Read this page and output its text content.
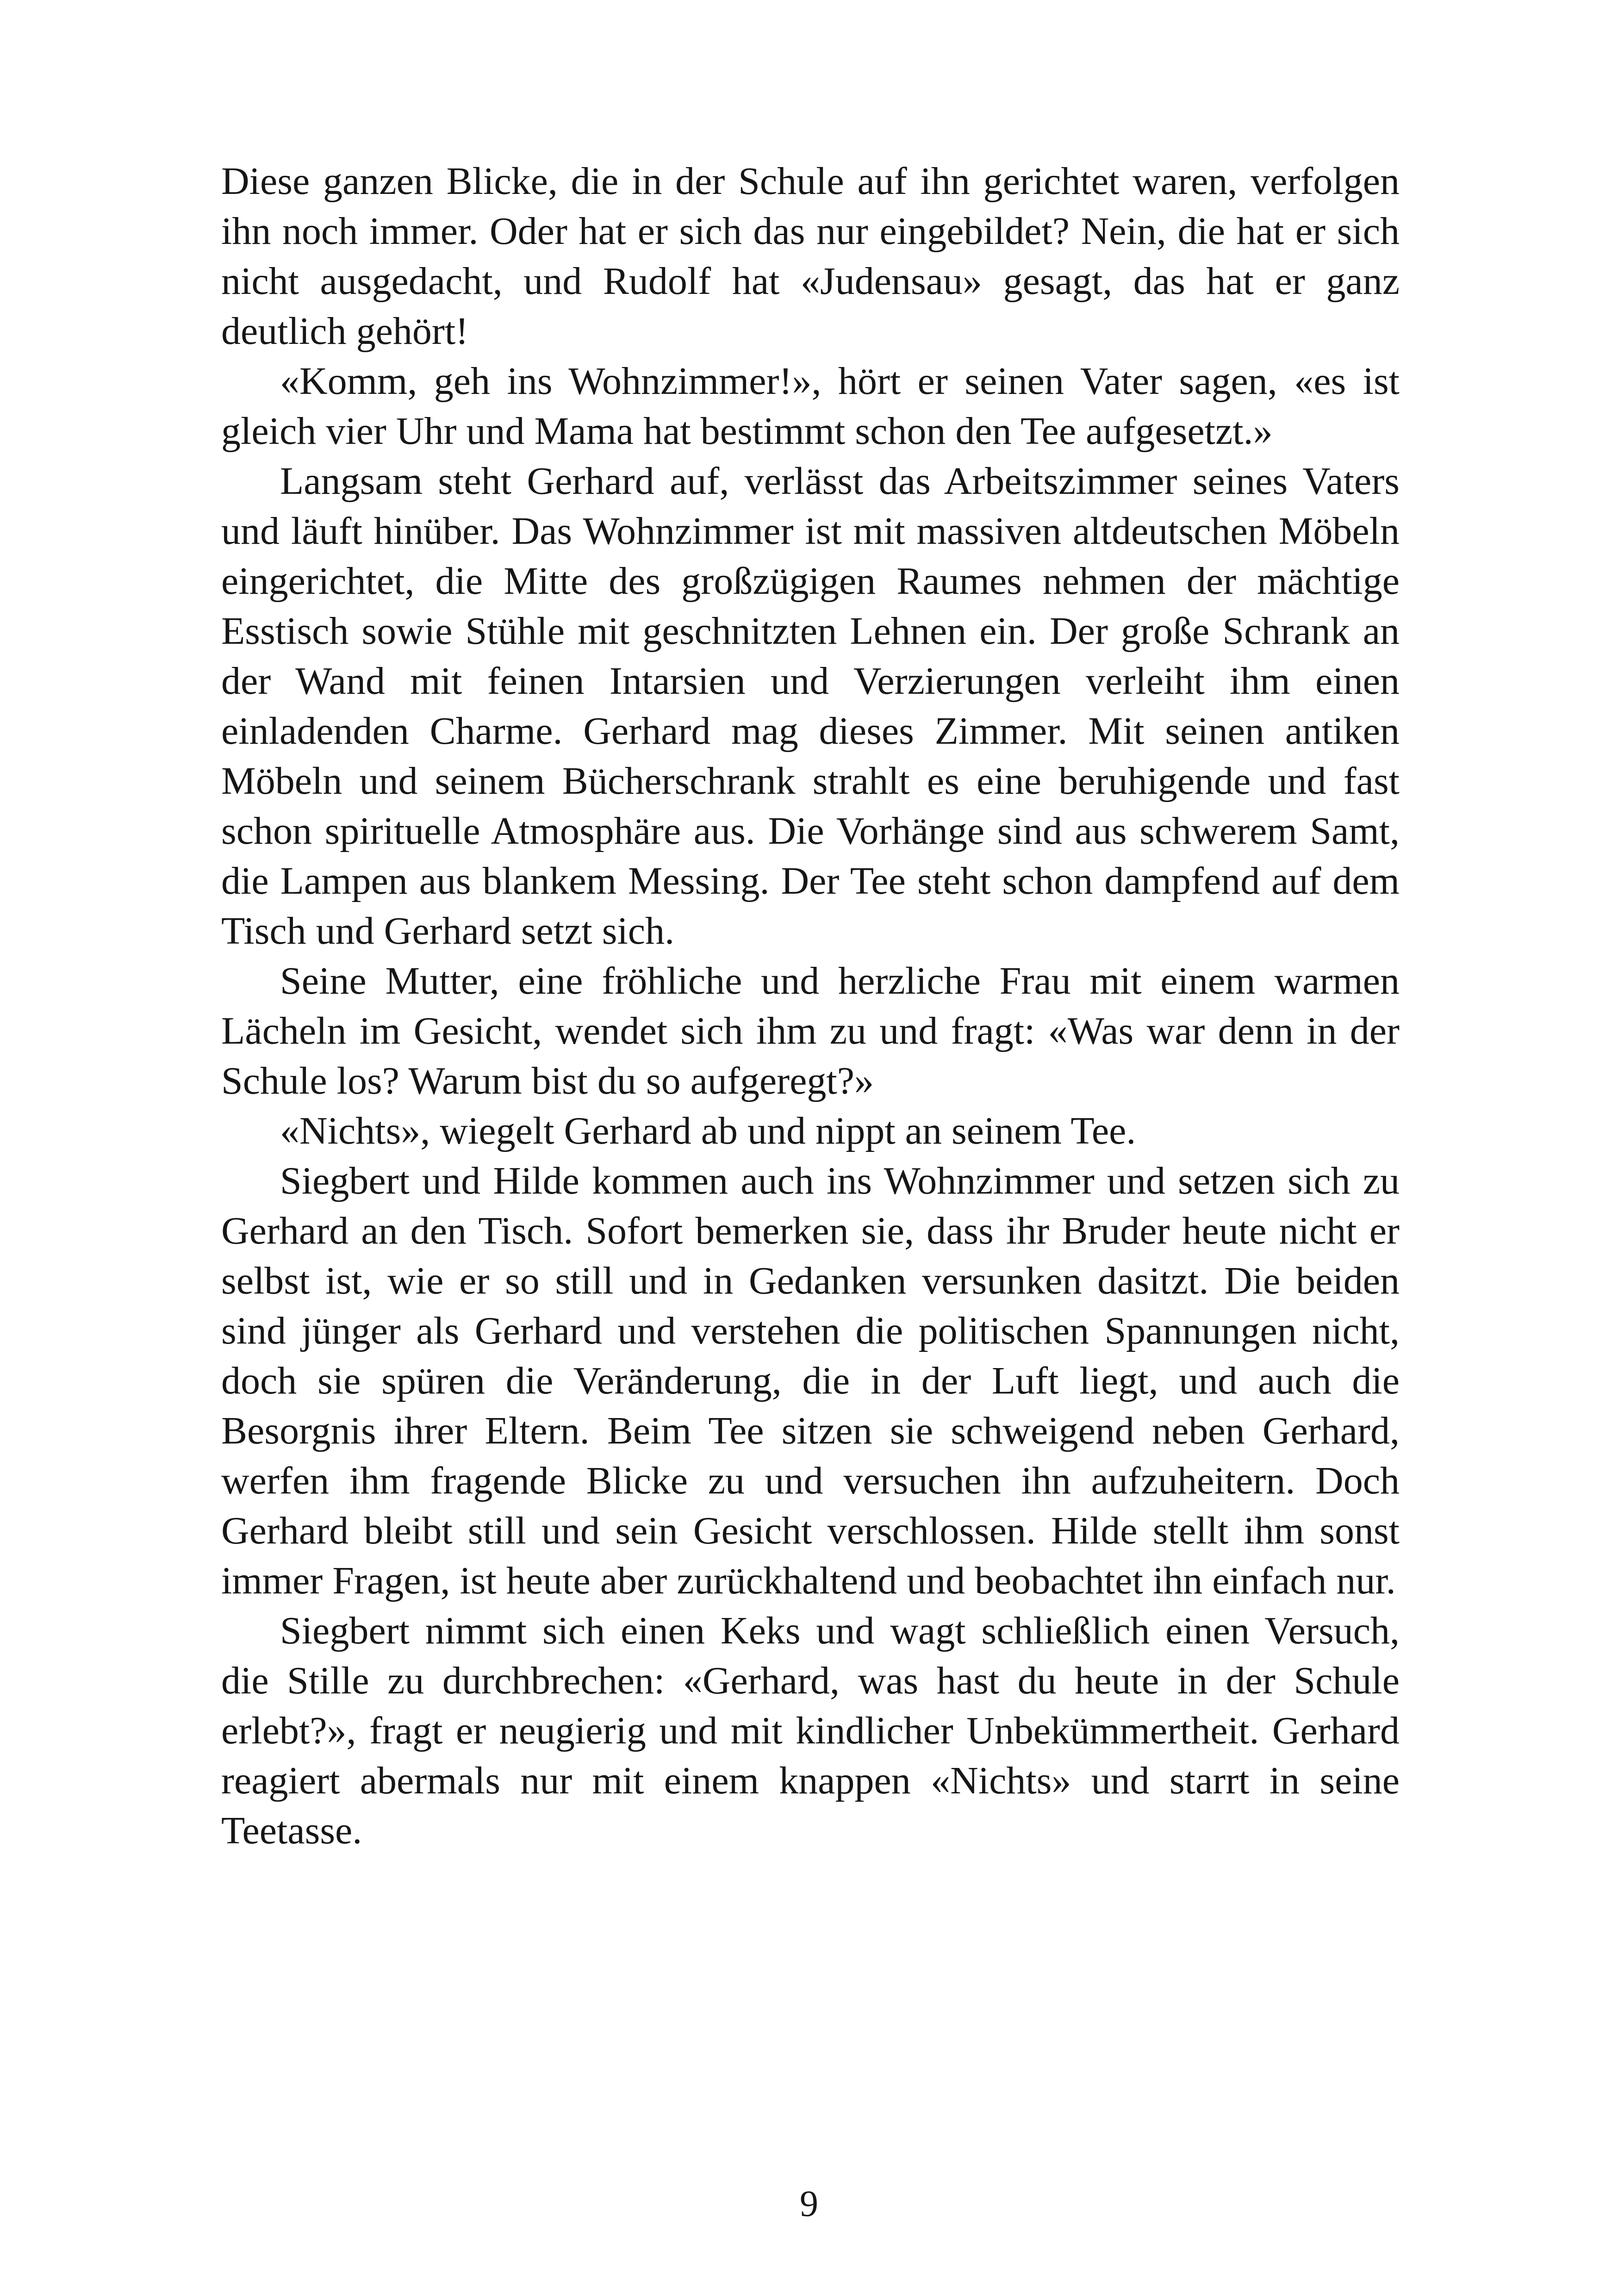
Diese ganzen Blicke, die in der Schule auf ihn gerichtet waren, verfolgen ihn noch immer. Oder hat er sich das nur eingebildet? Nein, die hat er sich nicht ausgedacht, und Rudolf hat «Judensau» gesagt, das hat er ganz deutlich gehört!

«Komm, geh ins Wohnzimmer!», hört er seinen Vater sagen, «es ist gleich vier Uhr und Mama hat bestimmt schon den Tee aufgesetzt.»

Langsam steht Gerhard auf, verlässt das Arbeitszimmer seines Vaters und läuft hinüber. Das Wohnzimmer ist mit massiven altdeutschen Möbeln eingerichtet, die Mitte des großzügigen Raumes nehmen der mächtige Esstisch sowie Stühle mit geschnitzten Lehnen ein. Der große Schrank an der Wand mit feinen Intarsien und Verzierungen verleiht ihm einen einladenden Charme. Gerhard mag dieses Zimmer. Mit seinen antiken Möbeln und seinem Bücherschrank strahlt es eine beruhigende und fast schon spirituelle Atmosphäre aus. Die Vorhänge sind aus schwerem Samt, die Lampen aus blankem Messing. Der Tee steht schon dampfend auf dem Tisch und Gerhard setzt sich.

Seine Mutter, eine fröhliche und herzliche Frau mit einem warmen Lächeln im Gesicht, wendet sich ihm zu und fragt: «Was war denn in der Schule los? Warum bist du so aufgeregt?»

«Nichts», wiegelt Gerhard ab und nippt an seinem Tee.

Siegbert und Hilde kommen auch ins Wohnzimmer und setzen sich zu Gerhard an den Tisch. Sofort bemerken sie, dass ihr Bruder heute nicht er selbst ist, wie er so still und in Gedanken versunken dasitzt. Die beiden sind jünger als Gerhard und verstehen die politischen Spannungen nicht, doch sie spüren die Veränderung, die in der Luft liegt, und auch die Besorgnis ihrer Eltern. Beim Tee sitzen sie schweigend neben Gerhard, werfen ihm fragende Blicke zu und versuchen ihn aufzuheitern. Doch Gerhard bleibt still und sein Gesicht verschlossen. Hilde stellt ihm sonst immer Fragen, ist heute aber zurückhaltend und beobachtet ihn einfach nur.

Siegbert nimmt sich einen Keks und wagt schließlich einen Versuch, die Stille zu durchbrechen: «Gerhard, was hast du heute in der Schule erlebt?», fragt er neugierig und mit kindlicher Unbekümmertheit. Gerhard reagiert abermals nur mit einem knappen «Nichts» und starrt in seine Teetasse.

9
